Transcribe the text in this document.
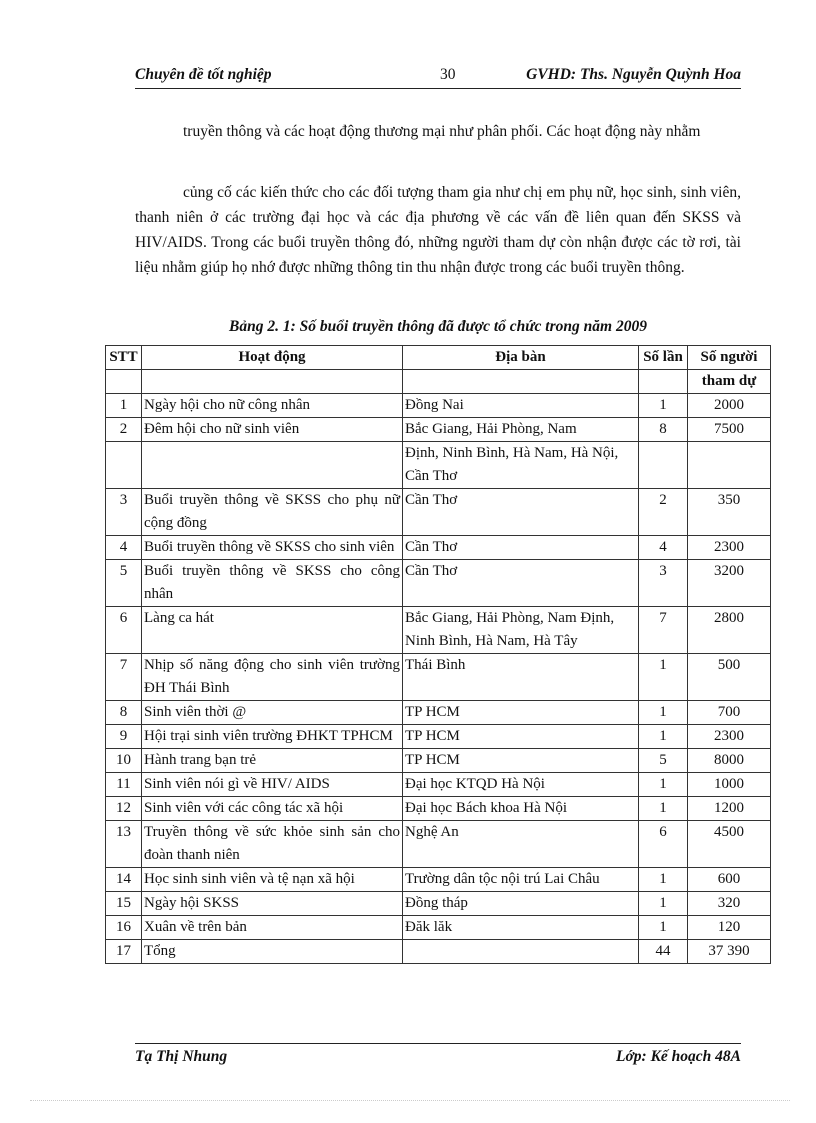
Chuyên đề tốt nghiệp	30	GVHD: Ths. Nguyễn Quỳnh Hoa
truyền thông và các hoạt động thương mại như phân phối. Các hoạt động này nhằm
củng cố các kiến thức cho các đối tượng tham gia như chị em phụ nữ, học sinh, sinh viên, thanh niên ở các trường đại học và các địa phương về các vấn đề liên quan đến SKSS và HIV/AIDS. Trong các buổi truyền thông đó, những người tham dự còn nhận được các tờ rơi, tài liệu nhằm giúp họ nhớ được những thông tin thu nhận được trong các buổi truyền thông.
Bảng 2. 1: Số buổi truyền thông đã được tổ chức trong năm 2009
STT	Hoạt động	Địa bàn	Số lần	Số người
				tham dự
1	Ngày hội cho nữ công nhân	Đồng Nai	1	2000
2	Đêm hội cho nữ sinh viên	Bắc Giang, Hải Phòng, Nam	8	7500
		Định, Ninh Bình, Hà Nam, Hà Nội, Cần Thơ		
3	Buổi truyền thông về SKSS cho phụ nữ cộng đồng	Cần Thơ	2	350
4	Buổi truyền thông về SKSS cho sinh viên	Cần Thơ	4	2300
5	Buổi truyền thông về SKSS cho công nhân	Cần Thơ	3	3200
6	Làng ca hát	Bắc Giang, Hải Phòng, Nam Định, Ninh Bình, Hà Nam, Hà Tây	7	2800
7	Nhịp số năng động cho sinh viên trường ĐH Thái Bình	Thái Bình	1	500
8	Sinh viên thời @	TP HCM	1	700
9	Hội trại sinh viên trường ĐHKT TPHCM	TP HCM	1	2300
10	Hành trang bạn trẻ	TP HCM	5	8000
11	Sinh viên nói gì về HIV/ AIDS	Đại học KTQD Hà Nội	1	1000
12	Sinh viên với các công tác xã hội	Đại học Bách khoa Hà Nội	1	1200
13	Truyền thông về sức khỏe sinh sản cho đoàn thanh niên	Nghệ An	6	4500
14	Học sinh sinh viên và tệ nạn xã hội	Trường dân tộc nội trú Lai Châu	1	600
15	Ngày hội SKSS	Đồng tháp	1	320
16	Xuân về trên bản	Đăk lăk	1	120
17	Tổng		44	37 390
Tạ Thị Nhung	Lớp: Kế hoạch 48A
